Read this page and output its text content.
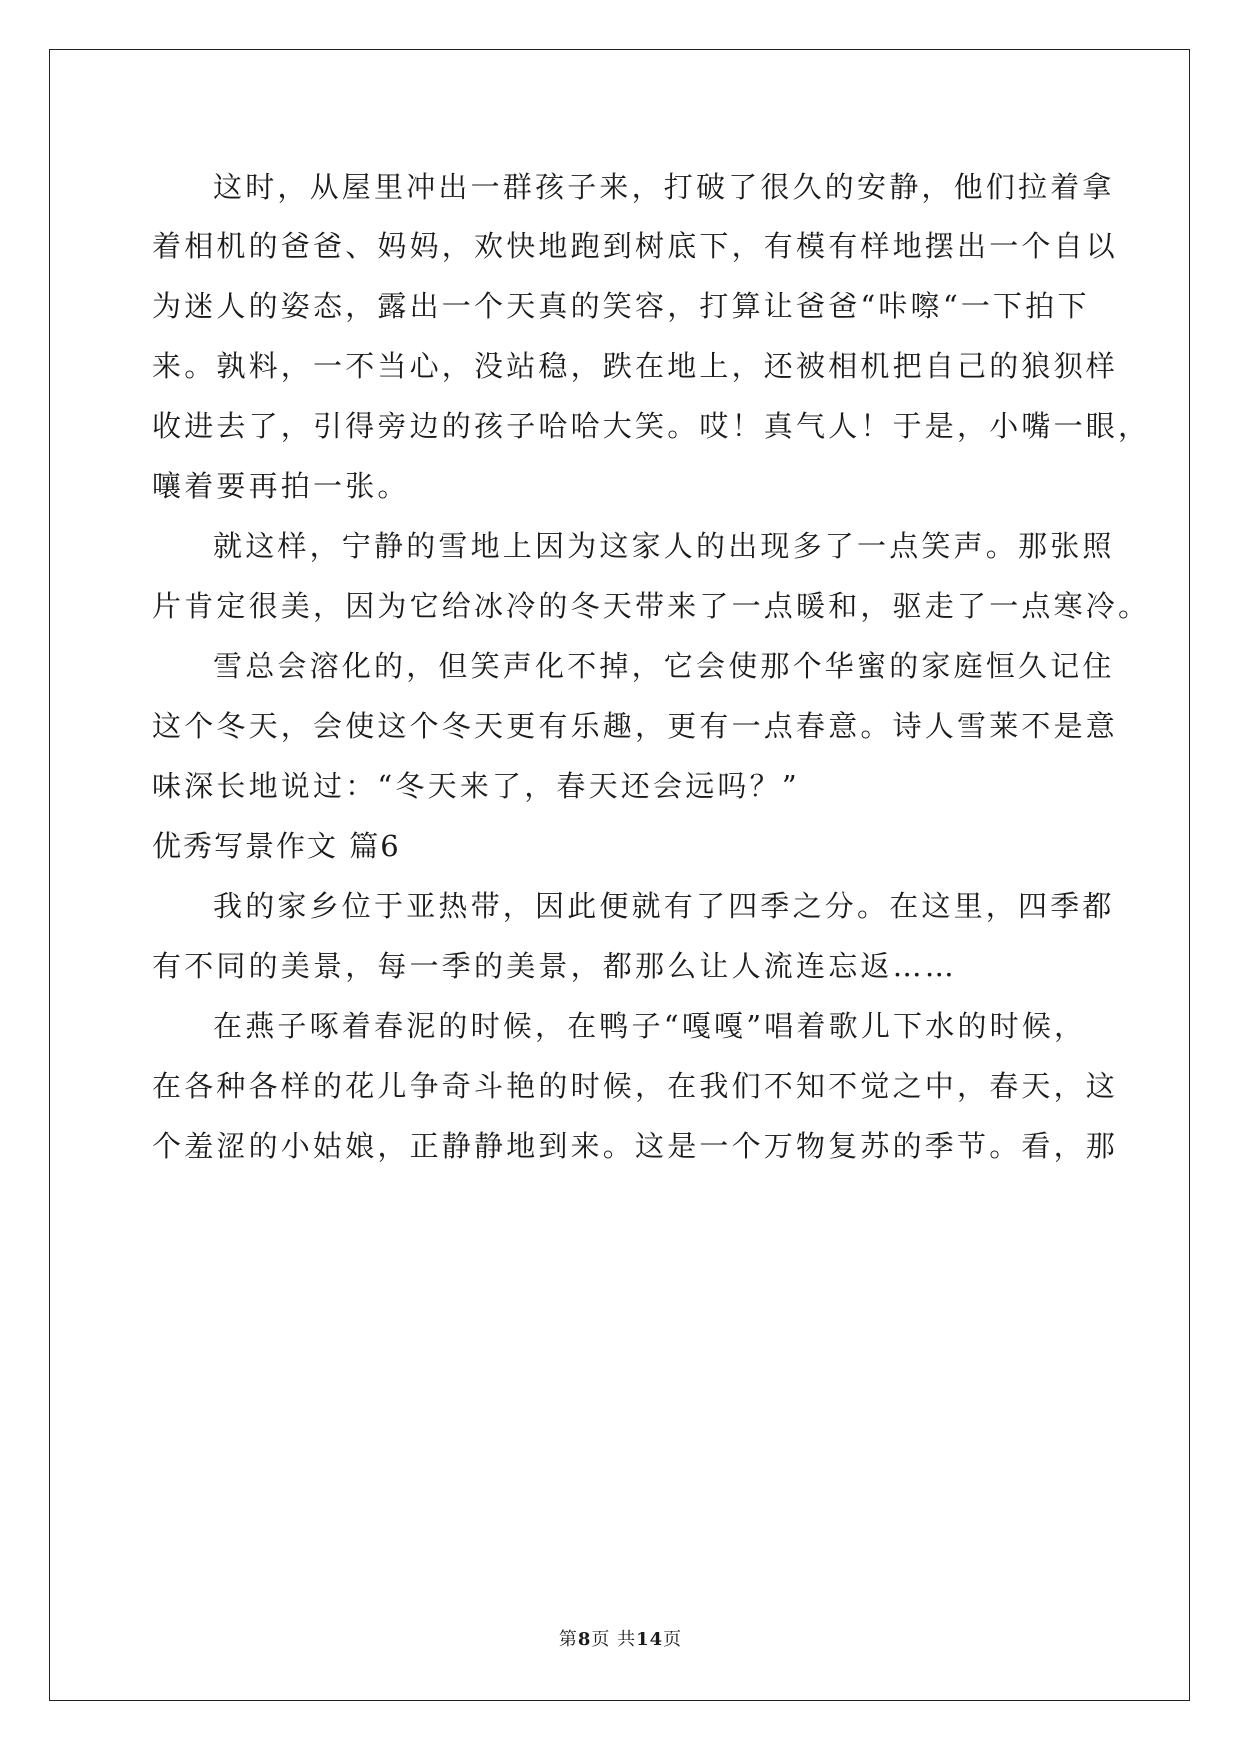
这时，从屋里冲出一群孩子来，打破了很久的安静，他们拉着拿

着相机的爸爸、妈妈，欢快地跑到树底下，有模有样地摆出一个自以

为迷人的姿态，露出一个天真的笑容，打算让爸爸“咔嚓“一下拍下

来。孰料，一不当心，没站稳，跌在地上，还被相机把自己的狼狈样

收进去了，引得旁边的孩子哈哈大笑。哎！真气人！于是，小嘴一眼，

嚷着要再拍一张。

就这样，宁静的雪地上因为这家人的出现多了一点笑声。那张照

片肯定很美，因为它给冰冷的冬天带来了一点暖和，驱走了一点寒冷。

雪总会溶化的，但笑声化不掉，它会使那个华蜜的家庭恒久记住

这个冬天，会使这个冬天更有乐趣，更有一点春意。诗人雪莱不是意

味深长地说过：“冬天来了，春天还会远吗？”

优秀写景作文 篇6

我的家乡位于亚热带，因此便就有了四季之分。在这里，四季都

有不同的美景，每一季的美景，都那么让人流连忘返……

在燕子啄着春泥的时候，在鸭子“嘎嘎”唱着歌儿下水的时候，

在各种各样的花儿争奇斗艳的时候，在我们不知不觉之中，春天，这

个羞涩的小姑娘，正静静地到来。这是一个万物复苏的季节。看，那

第8页 共14页
